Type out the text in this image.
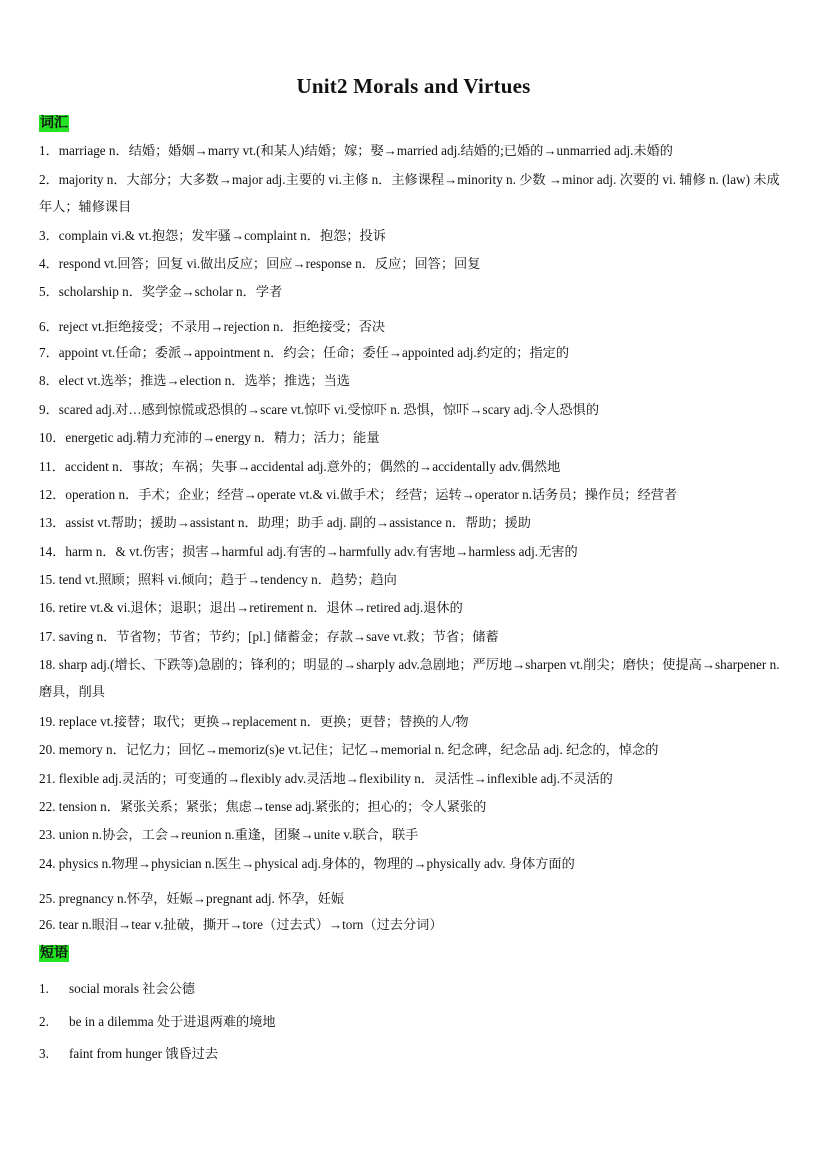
Unit2 Morals and Virtues
词汇
1．marriage n．结婚；婚姻→marry vt.(和某人)结婚；嫁；娶→married adj.结婚的;已婚的→unmarried adj.未婚的
2．majority n．大部分；大多数→major adj.主要的 vi.主修 n．主修课程→minority n. 少数 →minor adj. 次要的 vi. 辅修 n. (law) 未成年人；辅修课目
3．complain vi.& vt.抱怨；发牢骚→complaint n．抱怨；投诉
4．respond vt.回答；回复 vi.做出反应；回应→response n．反应；回答；回复
5．scholarship n．奖学金→scholar n．学者
6．reject vt.拒绝接受；不录用→rejection n．拒绝接受；否决
7．appoint vt.任命；委派→appointment n．约会；任命；委任→appointed adj.约定的；指定的
8．elect vt.选举；推选→election n．选举；推选；当选
9．scared adj.对…感到惊慌或恐惧的→scare vt.惊吓 vi.受惊吓 n. 恐惧，惊吓→scary adj.令人恐惧的
10．energetic adj.精力充沛的→energy n．精力；活力；能量
11．accident n．事故；车祸；失事→accidental adj.意外的；偶然的→accidentally adv.偶然地
12．operation n．手术；企业；经营→operate vt.& vi.做手术； 经营；运转→operator n.话务员；操作员；经营者
13．assist vt.帮助；援助→assistant n．助理；助手 adj. 副的→assistance n．帮助；援助
14．harm n．& vt.伤害；损害→harmful adj.有害的→harmfully adv.有害地→harmless adj.无害的
15. tend vt.照顾；照料 vi.倾向；趋于→tendency n．趋势；趋向
16. retire vt.& vi.退休；退职；退出→retirement n．退休→retired adj.退休的
17. saving n．节省物；节省；节约；[pl.] 储蓄金；存款→save vt.救；节省；储蓄
18. sharp adj.(增长、下跌等)急剧的；锋利的；明显的→sharply adv.急剧地；严厉地→sharpen vt.削尖；磨快；使提高→sharpener n. 磨具，削具
19. replace vt.接替；取代；更换→replacement n．更换；更替；替换的人/物
20. memory n．记忆力；回忆→memoriz(s)e vt.记住；记忆→memorial n. 纪念碑，纪念品 adj. 纪念的，悼念的
21. flexible adj.灵活的；可变通的→flexibly adv.灵活地→flexibility n．灵活性→inflexible adj.不灵活的
22. tension n．紧张关系；紧张；焦虑→tense adj.紧张的；担心的；令人紧张的
23. union n.协会，工会→reunion n.重逢，团聚→unite v.联合，联手
24. physics n.物理→physician n.医生→physical adj.身体的，物理的→physically adv. 身体方面的
25. pregnancy n.怀孕，妊娠→pregnant adj. 怀孕，妊娠
26. tear n.眼泪→tear v.扯破，撕开→tore（过去式）→torn（过去分词）
短语
1. social morals 社会公德
2. be in a dilemma 处于进退两难的境地
3. faint from hunger 饿昏过去
